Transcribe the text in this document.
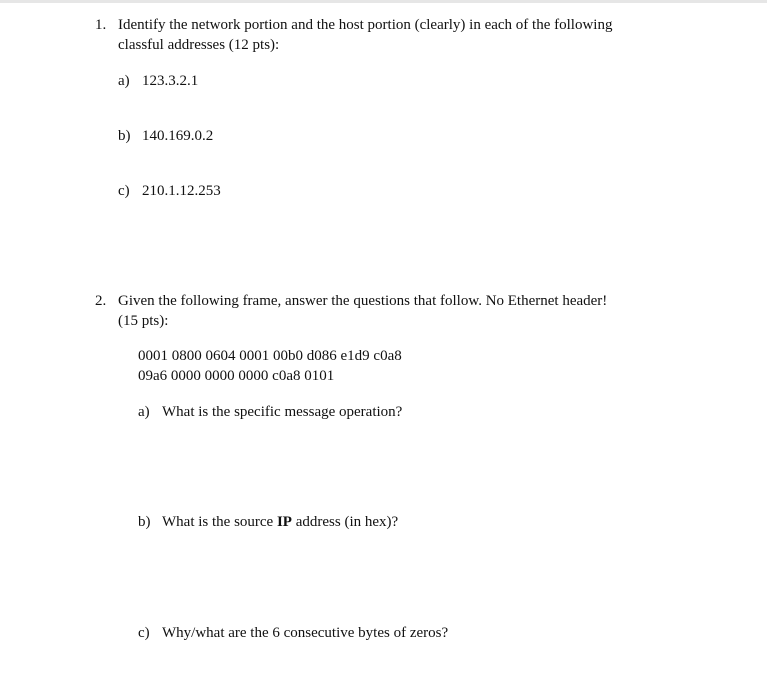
1. Identify the network portion and the host portion (clearly) in each of the following
classful addresses (12 pts):
a) 123.3.2.1
b) 140.169.0.2
c) 210.1.12.253
2. Given the following frame, answer the questions that follow. No Ethernet header!
(15 pts):
0001 0800 0604 0001 00b0 d086 e1d9 c0a8
09a6 0000 0000 0000 c0a8 0101
a) What is the specific message operation?
b) What is the source IP address (in hex)?
c) Why/what are the 6 consecutive bytes of zeros?
